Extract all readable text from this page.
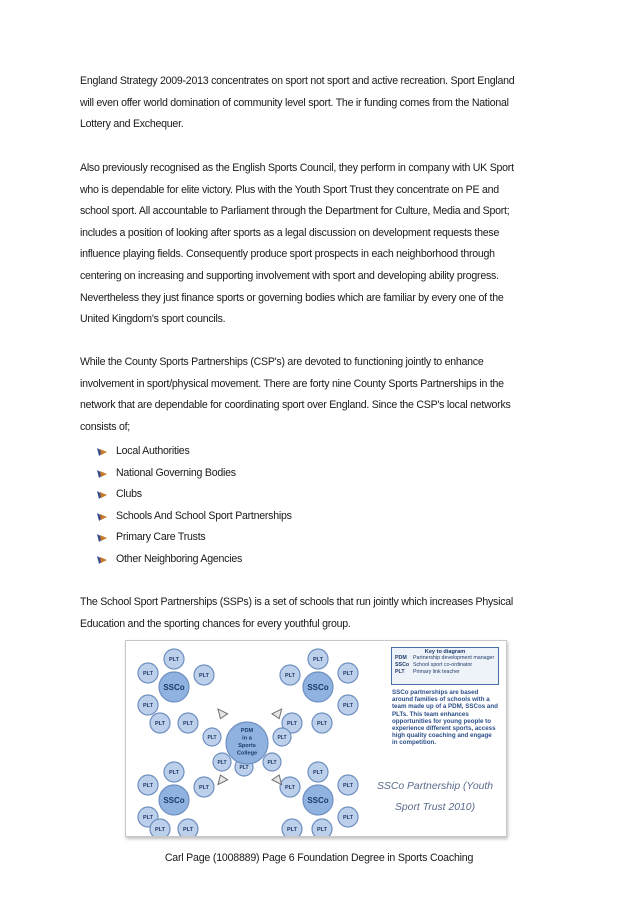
England Strategy 2009-2013 concentrates on sport not sport and active recreation. Sport England
will even offer world domination of community level sport. The ir funding comes from the National
Lottery and Exchequer.

Also previously recognised as the English Sports Council, they perform in company with UK Sport
who is dependable for elite victory. Plus with the Youth Sport Trust they concentrate on PE and
school sport. All accountable to Parliament through the Department for Culture, Media and Sport;
includes a position of looking after sports as a legal discussion on development requests these
influence playing fields. Consequently produce sport prospects in each neighborhood through
centering on increasing and supporting involvement with sport and developing ability progress.
Nevertheless they just finance sports or governing bodies which are familiar by every one of the
United Kingdom's sport councils.

While the County Sports Partnerships (CSP's) are devoted to functioning jointly to enhance
involvement in sport/physical movement. There are forty nine County Sports Partnerships in the
network that are dependable for coordinating sport over England. Since the CSP's local networks
consists of;

Local Authorities
National Governing Bodies
Clubs
Schools And School Sport Partnerships
Primary Care Trusts
Other Neighboring Agencies

The School Sport Partnerships (SSPs) is a set of schools that run jointly which increases Physical
Education and the sporting chances for every youthful group.

PLT
PLT	PLT
PLT
PLT	PLT
SSCo
PLT
PLT	PLT
PLT
PLT	PLT
SSCo
PLT
PLT	PLT
PLT
PLT	PLT
SSCo
PLT
PLT	PLT
PLT
PLT	PLT
SSCo
PLT	PLT
PLT	PLT
PLT
PDM
in a
Sports
College
Key to diagram
PDM	Partnership development manager
SSCo School sport co-ordinator
PLT	Primary link teacher
SSCo partnerships are based around families of schools with a team made up of a PDM, SSCos and PLTs. This team enhances opportunities for young people to experience different sports, access high quality coaching and engage in competition.
SSCo Partnership (Youth Sport Trust 2010)
Carl Page (1008889) Page 6 Foundation Degree in Sports Coaching
